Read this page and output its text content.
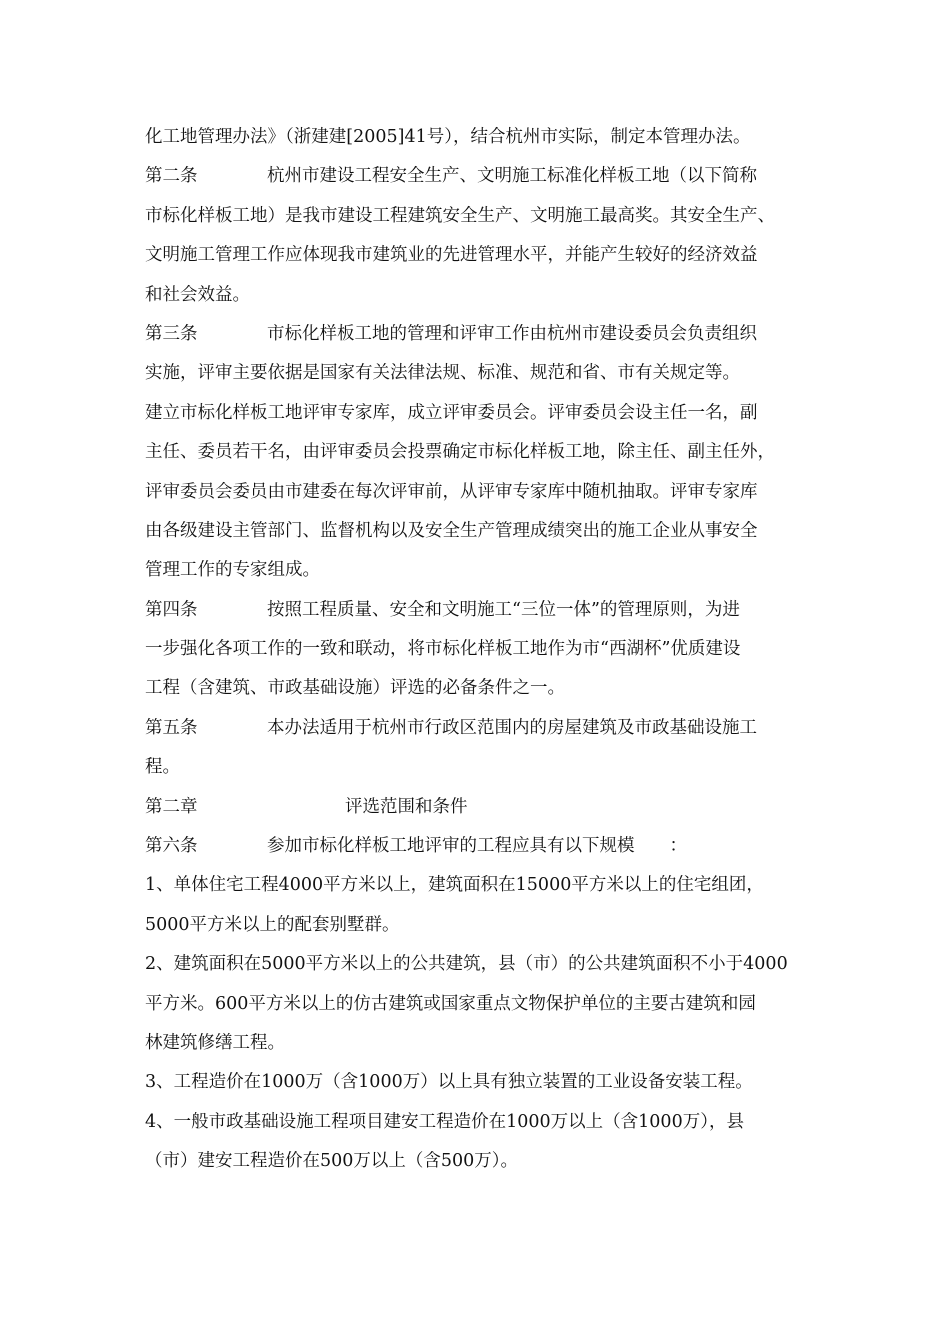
化工地管理办法》（浙建建[2005]41号），结合杭州市实际，制定本管理办法。
第二条	杭州市建设工程安全生产、文明施工标准化样板工地（以下简称
市标化样板工地）是我市建设工程建筑安全生产、文明施工最高奖。其安全生产、
文明施工管理工作应体现我市建筑业的先进管理水平，并能产生较好的经济效益
和社会效益。
第三条	市标化样板工地的管理和评审工作由杭州市建设委员会负责组织
实施，评审主要依据是国家有关法律法规、标准、规范和省、市有关规定等。
建立市标化样板工地评审专家库，成立评审委员会。评审委员会设主任一名，副
主任、委员若干名，由评审委员会投票确定市标化样板工地，除主任、副主任外，
评审委员会委员由市建委在每次评审前，从评审专家库中随机抽取。评审专家库
由各级建设主管部门、监督机构以及安全生产管理成绩突出的施工企业从事安全
管理工作的专家组成。
第四条	按照工程质量、安全和文明施工“三位一体”的管理原则，为进
一步强化各项工作的一致和联动，将市标化样板工地作为市“西湖杯”优质建设
工程（含建筑、市政基础设施）评选的必备条件之一。
第五条	本办法适用于杭州市行政区范围内的房屋建筑及市政基础设施工
程。
第二章	评选范围和条件
第六条	参加市标化样板工地评审的工程应具有以下规模　　：
1、单体住宅工程4000平方米以上，建筑面积在15000平方米以上的住宅组团，
5000平方米以上的配套别墅群。
2、建筑面积在5000平方米以上的公共建筑，县（市）的公共建筑面积不小于4000
平方米。600平方米以上的仿古建筑或国家重点文物保护单位的主要古建筑和园
林建筑修缮工程。
3、工程造价在1000万（含1000万）以上具有独立装置的工业设备安装工程。
4、一般市政基础设施工程项目建安工程造价在1000万以上（含1000万），县
（市）建安工程造价在500万以上（含500万）。
